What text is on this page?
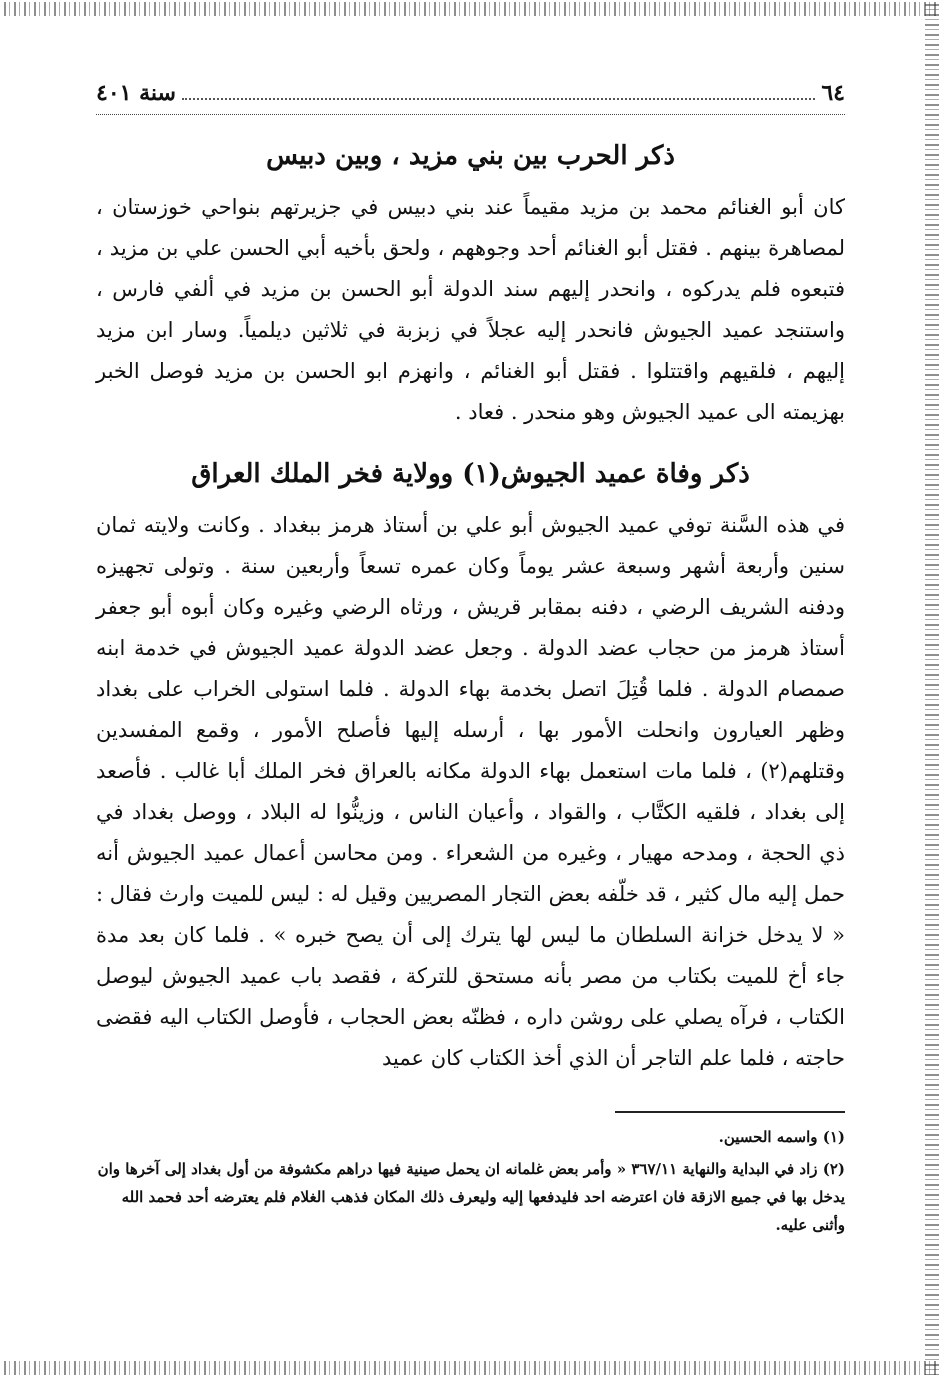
٦٤
سنة ٤٠١
ذكر الحرب بين بني مزيد ، وبين دبيس

كان أبو الغنائم محمد بن مزيد مقيماً عند بني دبيس في جزيرتهم بنواحي خوزستان ، لمصاهرة بينهم . فقتل أبو الغنائم أحد وجوههم ، ولحق بأخيه أبي الحسن علي بن مزيد ، فتبعوه فلم يدركوه ، وانحدر إليهم سند الدولة أبو الحسن بن مزيد في ألفي فارس ، واستنجد عميد الجيوش فانحدر إليه عجلاً في زبزبة في ثلاثين ديلمياً. وسار ابن مزيد إليهم ، فلقيهم واقتتلوا . فقتل أبو الغنائم ، وانهزم ابو الحسن بن مزيد فوصل الخبر بهزيمته الى عميد الجيوش وهو منحدر . فعاد .

ذكر وفاة عميد الجيوش(١) وولاية فخر الملك العراق

في هذه السَّنة توفي عميد الجيوش أبو علي بن أستاذ هرمز ببغداد . وكانت ولايته ثمان سنين وأربعة أشهر وسبعة عشر يوماً وكان عمره تسعاً وأربعين سنة . وتولى تجهيزه ودفنه الشريف الرضي ، دفنه بمقابر قريش ، ورثاه الرضي وغيره وكان أبوه أبو جعفر أستاذ هرمز من حجاب عضد الدولة . وجعل عضد الدولة عميد الجيوش في خدمة ابنه صمصام الدولة . فلما قُتِلَ اتصل بخدمة بهاء الدولة . فلما استولى الخراب على بغداد وظهر العيارون وانحلت الأمور بها ، أرسله إليها فأصلح الأمور ، وقمع المفسدين وقتلهم(٢) ، فلما مات استعمل بهاء الدولة مكانه بالعراق فخر الملك أبا غالب . فأصعد إلى بغداد ، فلقيه الكتَّاب ، والقواد ، وأعيان الناس ، وزينُّوا له البلاد ، ووصل بغداد في ذي الحجة ، ومدحه مهيار ، وغيره من الشعراء . ومن محاسن أعمال عميد الجيوش أنه حمل إليه مال كثير ، قد خلّفه بعض التجار المصريين وقيل له : ليس للميت وارث فقال : « لا يدخل خزانة السلطان ما ليس لها يترك إلى أن يصح خبره » . فلما كان بعد مدة جاء أخ للميت بكتاب من مصر بأنه مستحق للتركة ، فقصد باب عميد الجيوش ليوصل الكتاب ، فرآه يصلي على روشن داره ، فظنّه بعض الحجاب ، فأوصل الكتاب اليه فقضى حاجته ، فلما علم التاجر أن الذي أخذ الكتاب كان عميد

(١) واسمه الحسين.
(٢) زاد في البداية والنهاية ٣٦٧/١١ « وأمر بعض غلمانه ان يحمل صينية فيها دراهم مكشوفة من أول بغداد إلى آخرها وان يدخل بها في جميع الازقة فان اعترضه احد فليدفعها إليه وليعرف ذلك المكان فذهب الغلام فلم يعترضه أحد فحمد الله وأثنى عليه.
